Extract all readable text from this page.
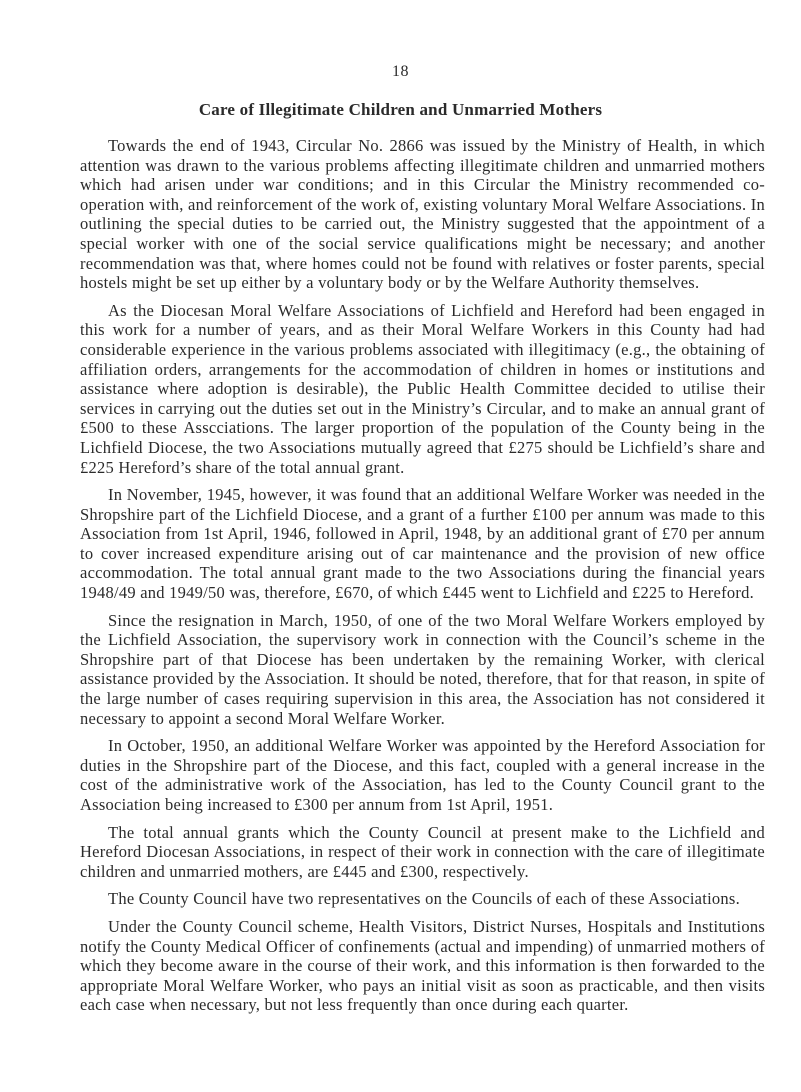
18
Care of Illegitimate Children and Unmarried Mothers

Towards the end of 1943, Circular No. 2866 was issued by the Ministry of Health, in which attention was drawn to the various problems affecting illegitimate children and unmarried mothers which had arisen under war conditions; and in this Circular the Ministry recommended co-operation with, and reinforcement of the work of, existing voluntary Moral Welfare Associations. In outlining the special duties to be carried out, the Ministry suggested that the appointment of a special worker with one of the social service qualifications might be necessary; and another recommendation was that, where homes could not be found with relatives or foster parents, special hostels might be set up either by a voluntary body or by the Welfare Authority themselves.

As the Diocesan Moral Welfare Associations of Lichfield and Hereford had been engaged in this work for a number of years, and as their Moral Welfare Workers in this County had had considerable experience in the various problems associated with illegitimacy (e.g., the obtaining of affiliation orders, arrangements for the accommodation of children in homes or institutions and assistance where adoption is desirable), the Public Health Committee decided to utilise their services in carrying out the duties set out in the Ministry’s Circular, and to make an annual grant of £500 to these Asscciations. The larger proportion of the population of the County being in the Lichfield Diocese, the two Associations mutually agreed that £275 should be Lichfield’s share and £225 Hereford’s share of the total annual grant.

In November, 1945, however, it was found that an additional Welfare Worker was needed in the Shropshire part of the Lichfield Diocese, and a grant of a further £100 per annum was made to this Association from 1st April, 1946, followed in April, 1948, by an additional grant of £70 per annum to cover increased expenditure arising out of car maintenance and the provision of new office accommodation. The total annual grant made to the two Associations during the financial years 1948/49 and 1949/50 was, therefore, £670, of which £445 went to Lichfield and £225 to Hereford.

Since the resignation in March, 1950, of one of the two Moral Welfare Workers employed by the Lichfield Association, the supervisory work in connection with the Council’s scheme in the Shropshire part of that Diocese has been undertaken by the remaining Worker, with clerical assistance provided by the Association. It should be noted, therefore, that for that reason, in spite of the large number of cases requiring supervision in this area, the Association has not considered it necessary to appoint a second Moral Welfare Worker.

In October, 1950, an additional Welfare Worker was appointed by the Hereford Association for duties in the Shropshire part of the Diocese, and this fact, coupled with a general increase in the cost of the administrative work of the Association, has led to the County Council grant to the Association being increased to £300 per annum from 1st April, 1951.

The total annual grants which the County Council at present make to the Lichfield and Hereford Diocesan Associations, in respect of their work in connection with the care of illegitimate children and unmarried mothers, are £445 and £300, respectively.

The County Council have two representatives on the Councils of each of these Associations.

Under the County Council scheme, Health Visitors, District Nurses, Hospitals and Institutions notify the County Medical Officer of confinements (actual and impending) of unmarried mothers of which they become aware in the course of their work, and this information is then forwarded to the appropriate Moral Welfare Worker, who pays an initial visit as soon as practicable, and then visits each case when necessary, but not less frequently than once during each quarter.
